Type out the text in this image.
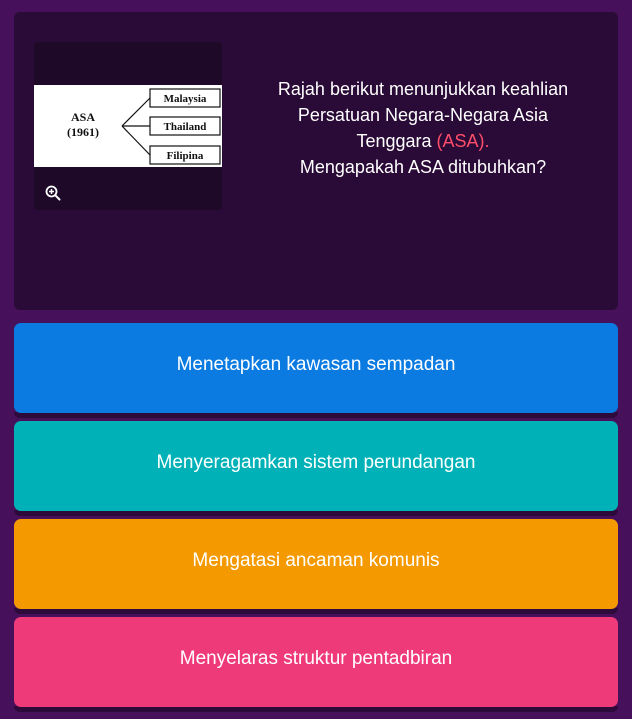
ASA
(1961)
Malaysia
Thailand
Filipina
Rajah berikut menunjukkan keahlian
Persatuan Negara-Negara Asia
Tenggara (ASA).
Mengapakah ASA ditubuhkan?
Menetapkan kawasan sempadan
Menyeragamkan sistem perundangan
Mengatasi ancaman komunis
Menyelaras struktur pentadbiran
